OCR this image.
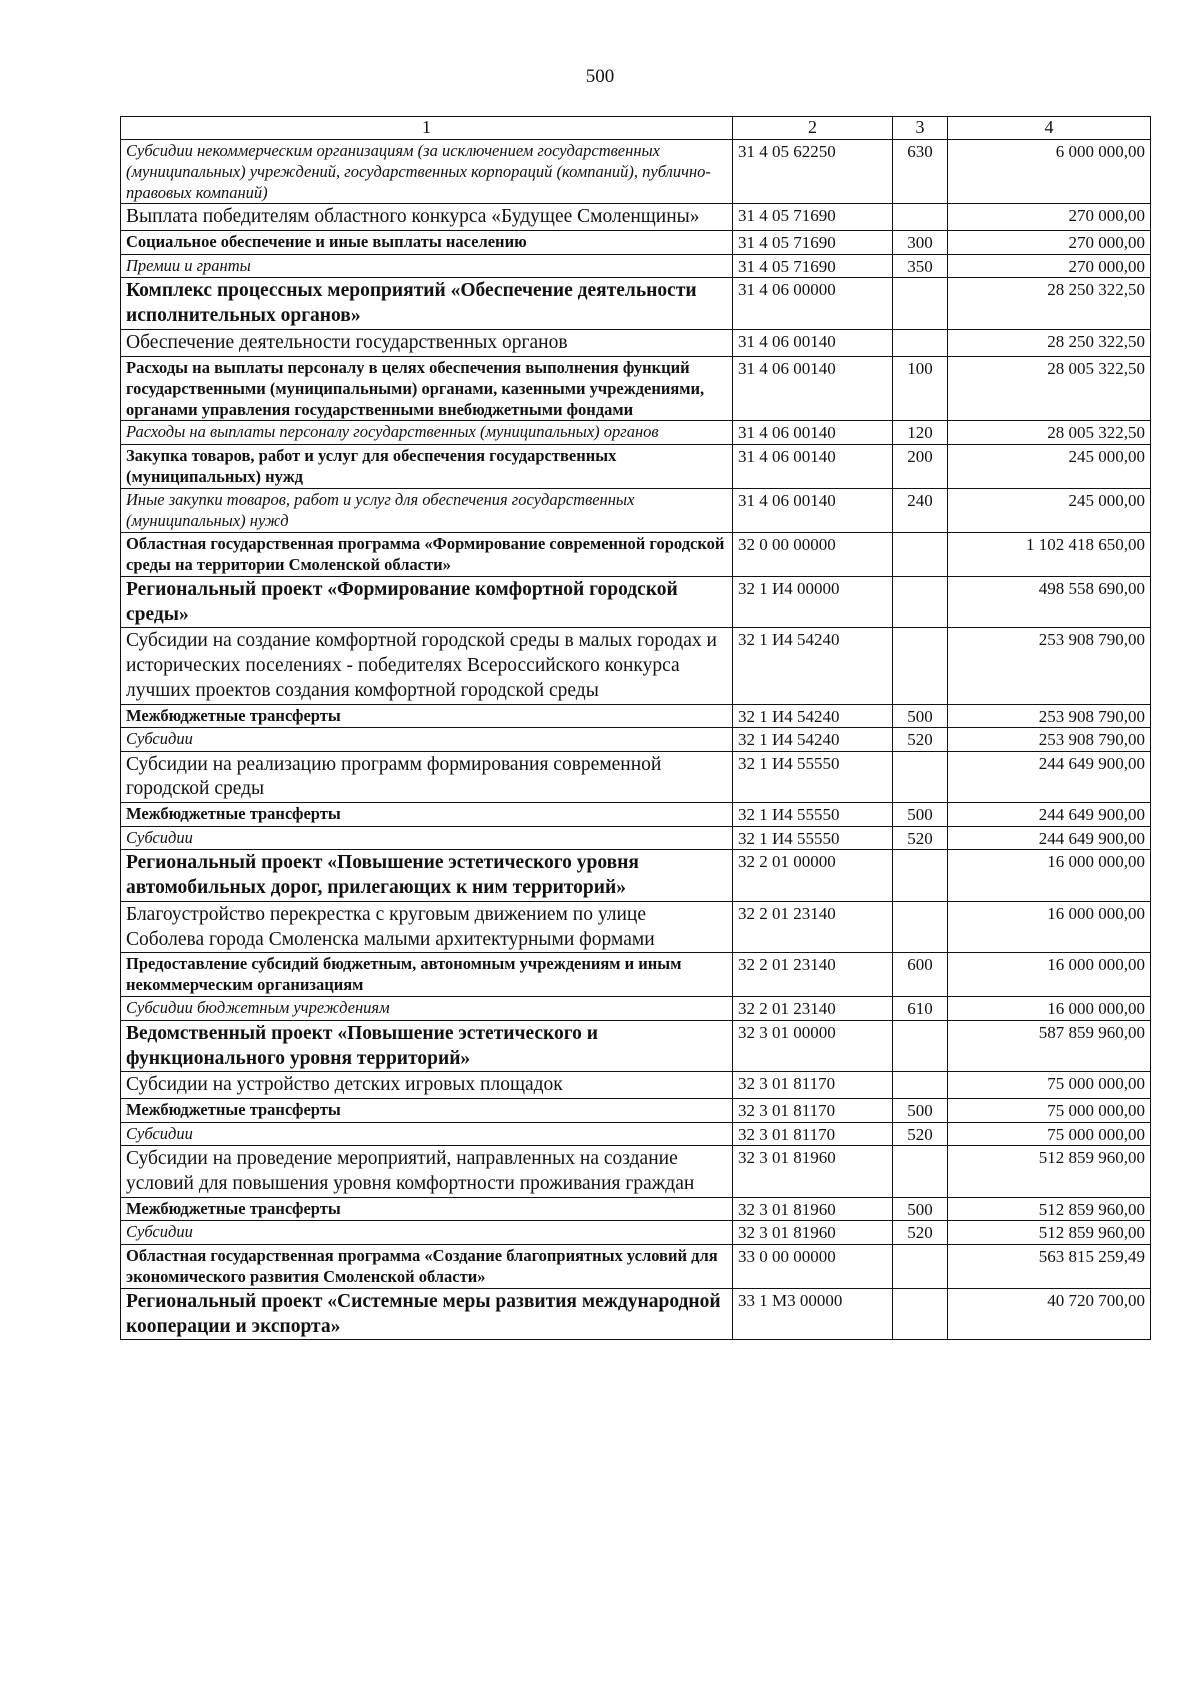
500
1	2	3	4
Субсидии некоммерческим организациям (за исключением государственных (муниципальных) учреждений, государственных корпораций (компаний), публично-правовых компаний)	31 4 05 62250	630	6 000 000,00
Выплата победителям областного конкурса «Будущее Смоленщины»	31 4 05 71690		270 000,00
Социальное обеспечение и иные выплаты населению	31 4 05 71690	300	270 000,00
Премии и гранты	31 4 05 71690	350	270 000,00
Комплекс процессных мероприятий «Обеспечение деятельности исполнительных органов»	31 4 06 00000		28 250 322,50
Обеспечение деятельности государственных органов	31 4 06 00140		28 250 322,50
Расходы на выплаты персоналу в целях обеспечения выполнения функций государственными (муниципальными) органами, казенными учреждениями, органами управления государственными внебюджетными фондами	31 4 06 00140	100	28 005 322,50
Расходы на выплаты персоналу государственных (муниципальных) органов	31 4 06 00140	120	28 005 322,50
Закупка товаров, работ и услуг для обеспечения государственных (муниципальных) нужд	31 4 06 00140	200	245 000,00
Иные закупки товаров, работ и услуг для обеспечения государственных (муниципальных) нужд	31 4 06 00140	240	245 000,00
Областная государственная программа «Формирование современной городской среды на территории Смоленской области»	32 0 00 00000		1 102 418 650,00
Региональный проект «Формирование комфортной городской среды»	32 1 И4 00000		498 558 690,00
Субсидии на создание комфортной городской среды в малых городах и исторических поселениях - победителях Всероссийского конкурса лучших проектов создания комфортной городской среды	32 1 И4 54240		253 908 790,00
Межбюджетные трансферты	32 1 И4 54240	500	253 908 790,00
Субсидии	32 1 И4 54240	520	253 908 790,00
Субсидии на реализацию программ формирования современной городской среды	32 1 И4 55550		244 649 900,00
Межбюджетные трансферты	32 1 И4 55550	500	244 649 900,00
Субсидии	32 1 И4 55550	520	244 649 900,00
Региональный проект «Повышение эстетического уровня автомобильных дорог, прилегающих к ним территорий»	32 2 01 00000		16 000 000,00
Благоустройство перекрестка с круговым движением по улице Соболева города Смоленска малыми архитектурными формами	32 2 01 23140		16 000 000,00
Предоставление субсидий бюджетным, автономным учреждениям и иным некоммерческим организациям	32 2 01 23140	600	16 000 000,00
Субсидии бюджетным учреждениям	32 2 01 23140	610	16 000 000,00
Ведомственный проект «Повышение эстетического и функционального уровня территорий»	32 3 01 00000		587 859 960,00
Субсидии на устройство детских игровых площадок	32 3 01 81170		75 000 000,00
Межбюджетные трансферты	32 3 01 81170	500	75 000 000,00
Субсидии	32 3 01 81170	520	75 000 000,00
Субсидии на проведение мероприятий, направленных на создание условий для повышения уровня комфортности проживания граждан	32 3 01 81960		512 859 960,00
Межбюджетные трансферты	32 3 01 81960	500	512 859 960,00
Субсидии	32 3 01 81960	520	512 859 960,00
Областная государственная программа «Создание благоприятных условий для экономического развития Смоленской области»	33 0 00 00000		563 815 259,49
Региональный проект «Системные меры развития международной кооперации и экспорта»	33 1 М3 00000		40 720 700,00
